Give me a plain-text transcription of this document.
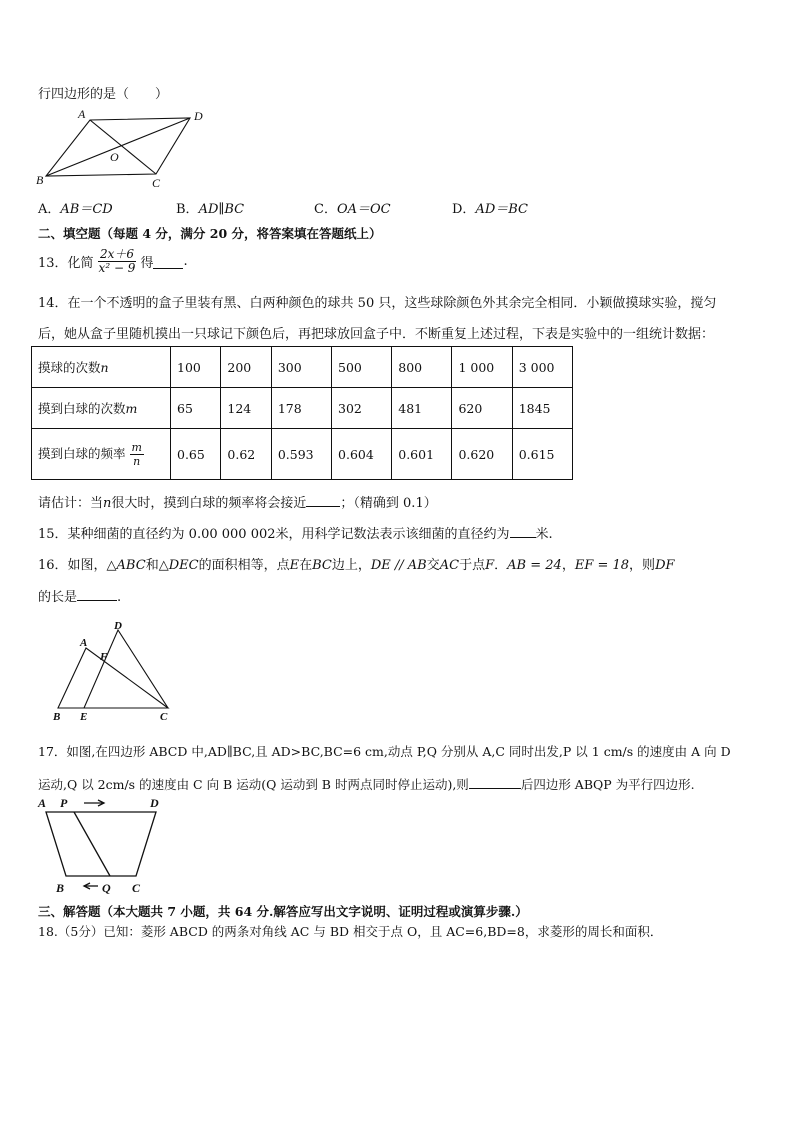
行四边形的是（　　）
A	D
O
B	C
A．AB＝CD	B．AD∥BC	C．OA＝OC	D．AD＝BC
二、填空题（每题 4 分，满分 20 分，将答案填在答题纸上）
13．化简 $\frac{2x+6}{\text{x² − 9}}$ 得 .
14．在一个不透明的盒子里装有黑、白两种颜色的球共 50 只，这些球除颜色外其余完全相同．小颖做摸球实验，搅匀
后，她从盒子里随机摸出一只球记下颜色后，再把球放回盒子中．不断重复上述过程，下表是实验中的一组统计数据：
摸球的次数n	100	200	300	500	800	1 000	3 000
摸到白球的次数m	65	124	178	302	481	620	1845
摸到白球的频率 $\frac{m}{n}$	0.65	0.62	0.593	0.604	0.601	0.620	0.615
请估计：当n很大时，摸到白球的频率将会接近	；（精确到 0.1）
15．某种细菌的直径约为 0.00 000 002米，用科学记数法表示该细菌的直径约为 米.
16．如图，△ABC和△DEC的面积相等，点E在BC边上，DE // AB交AC于点F．AB = 24，EF = 18，则DF
的长是	.
A
D
F
B E	C
17．如图,在四边形 ABCD 中,AD∥BC,且 AD>BC,BC=6 cm,动点 P,Q 分别从 A,C 同时出发,P 以 1 cm/s 的速度由 A 向 D
运动,Q 以 2cm/s 的速度由 C 向 B 运动(Q 运动到 B 时两点同时停止运动),则	后四边形 ABQP 为平行四边形.
A P	D
B	Q C
三、解答题（本大题共 7 小题，共 64 分.解答应写出文字说明、证明过程或演算步骤.）
18.（5分）已知：菱形 ABCD 的两条对角线 AC 与 BD 相交于点 O，且 AC=6,BD=8，求菱形的周长和面积．
